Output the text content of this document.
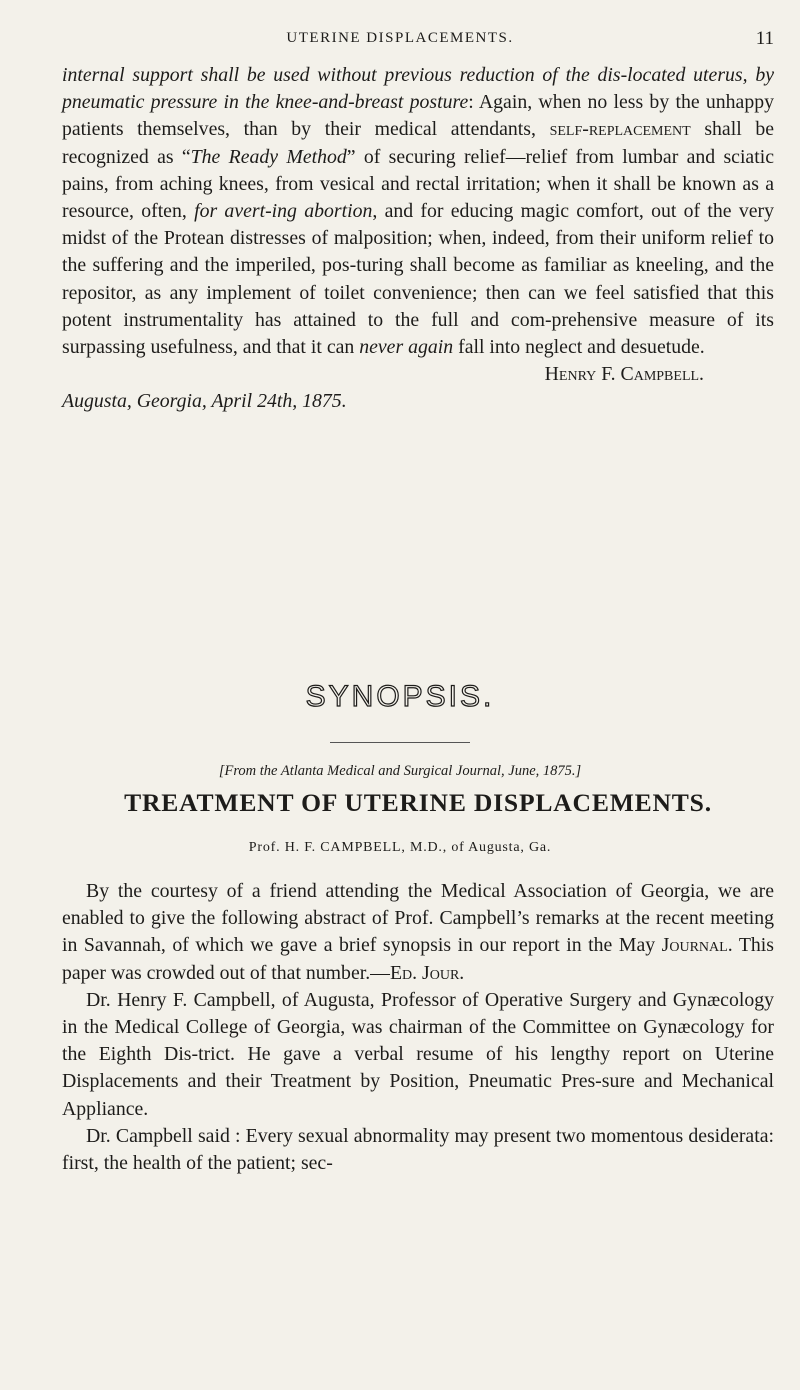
UTERINE DISPLACEMENTS.	11

internal support shall be used without previous reduction of the dis-located uterus, by pneumatic pressure in the knee-and-breast posture: Again, when no less by the unhappy patients themselves, than by their medical attendants, self-replacement shall be recognized as “The Ready Method” of securing relief—relief from lumbar and sciatic pains, from aching knees, from vesical and rectal irritation; when it shall be known as a resource, often, for avert-ing abortion, and for educing magic comfort, out of the very midst of the Protean distresses of malposition; when, indeed, from their uniform relief to the suffering and the imperiled, pos-turing shall become as familiar as kneeling, and the repositor, as any implement of toilet convenience; then can we feel satisfied that this potent instrumentality has attained to the full and com-prehensive measure of its surpassing usefulness, and that it can never again fall into neglect and desuetude.

Henry F. Campbell.

Augusta, Georgia, April 24th, 1875.

SYNOPSIS.
[From the Atlanta Medical and Surgical Journal, June, 1875.]
TREATMENT OF UTERINE DISPLACEMENTS.
Prof. H. F. CAMPBELL, M.D., of Augusta, Ga.

By the courtesy of a friend attending the Medical Association of Georgia, we are enabled to give the following abstract of Prof. Campbell’s remarks at the recent meeting in Savannah, of which we gave a brief synopsis in our report in the May Journal. This paper was crowded out of that number.—Ed. Jour.

Dr. Henry F. Campbell, of Augusta, Professor of Operative Surgery and Gynæcology in the Medical College of Georgia, was chairman of the Committee on Gynæcology for the Eighth Dis-trict. He gave a verbal resume of his lengthy report on Uterine Displacements and their Treatment by Position, Pneumatic Pres-sure and Mechanical Appliance.

Dr. Campbell said : Every sexual abnormality may present two momentous desiderata: first, the health of the patient; sec-
